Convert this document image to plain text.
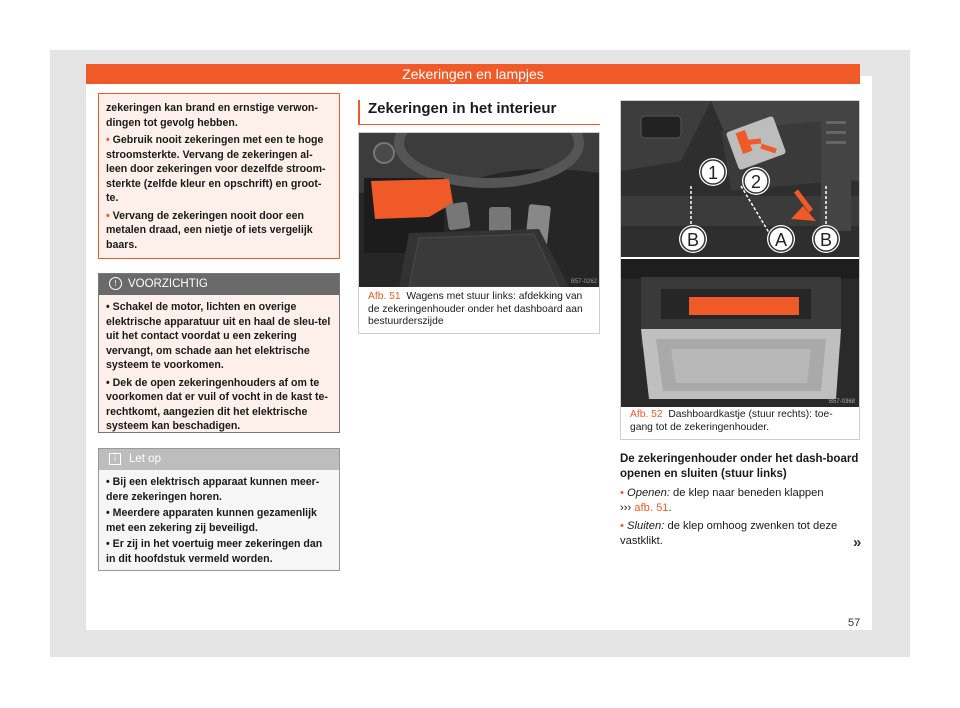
Zekeringen en lampjes

zekeringen kan brand en ernstige verwon-dingen tot gevolg hebben.

• Gebruik nooit zekeringen met een te hoge stroomsterkte. Vervang de zekeringen al-leen door zekeringen voor dezelfde stroom-sterkte (zelfde kleur en opschrift) en groot-te.

• Vervang de zekeringen nooit door een metalen draad, een nietje of iets vergelijk baars.

! VOORZICHTIG

• Schakel de motor, lichten en overige elektrische apparatuur uit en haal de sleu-tel uit het contact voordat u een zekering vervangt, om schade aan het elektrische systeem te voorkomen.

• Dek de open zekeringenhouders af om te voorkomen dat er vuil of vocht in de kast te-rechtkomt, aangezien dit het elektrische systeem kan beschadigen.

i Let op

• Bij een elektrisch apparaat kunnen meer-dere zekeringen horen.

• Meerdere apparaten kunnen gezamenlijk met een zekering zij beveiligd.

• Er zij in het voertuig meer zekeringen dan in dit hoofdstuk vermeld worden.

Zekeringen in het interieur
B57-0262
Afb. 51 Wagens met stuur links: afdekking van de zekeringenhouder onder het dashboard aan bestuurderszijde
1 2
B	A B
B57-0368
Afb. 52 Dashboardkastje (stuur rechts): toe-gang tot de zekeringenhouder.
De zekeringenhouder onder het dash-board openen en sluiten (stuur links)

• Openen: de klep naar beneden klappen
››› afb. 51.

• Sluiten: de klep omhoog zwenken tot deze vastklikt.	»
57
